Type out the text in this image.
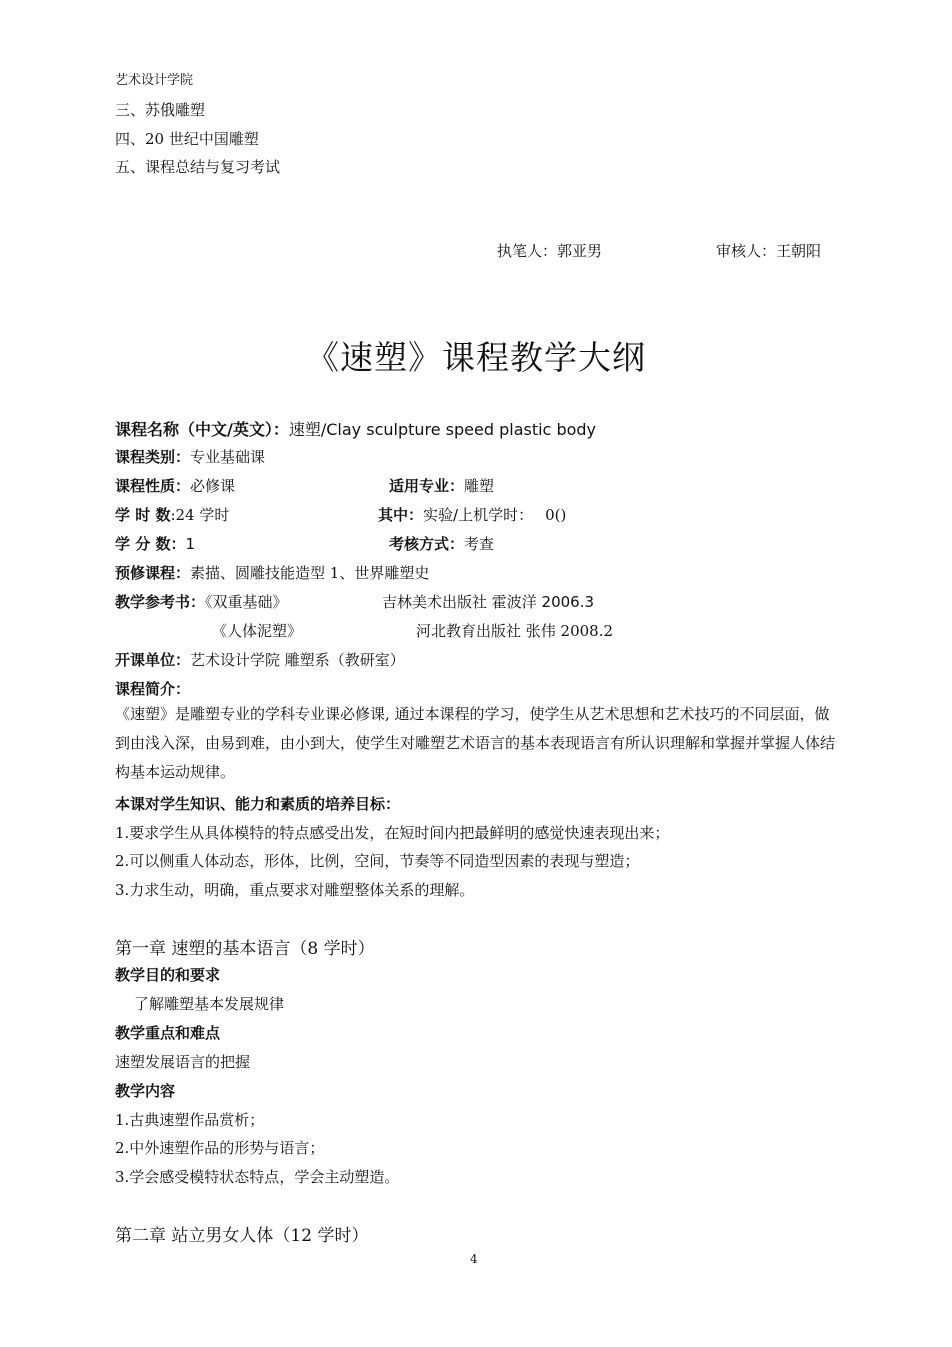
艺术设计学院
三、苏俄雕塑
四、20 世纪中国雕塑
五、课程总结与复习考试
执笔人：郭亚男	审核人：王朝阳
《速塑》课程教学大纲
课程名称（中文/英文）：速塑/Clay sculpture speed plastic body
课程类别：专业基础课
课程性质：必修课	适用专业：雕塑
学 时 数:24 学时	其中：实验/上机学时： 0()
学 分 数：1	考核方式：考查
预修课程：素描、圆雕技能造型 1、世界雕塑史
教学参考书：《双重基础》	吉林美术出版社 霍波洋 2006.3
《人体泥塑》	河北教育出版社 张伟 2008.2
开课单位：艺术设计学院 雕塑系（教研室）
课程简介：
《速塑》是雕塑专业的学科专业课必修课, 通过本课程的学习，使学生从艺术思想和艺术技巧的不同层面，做到由浅入深，由易到难，由小到大，使学生对雕塑艺术语言的基本表现语言有所认识理解和掌握并掌握人体结构基本运动规律。
本课对学生知识、能力和素质的培养目标：
1.要求学生从具体模特的特点感受出发，在短时间内把最鲜明的感觉快速表现出来；
2.可以侧重人体动态，形体，比例，空间，节奏等不同造型因素的表现与塑造；
3.力求生动，明确，重点要求对雕塑整体关系的理解。
第一章 速塑的基本语言（8 学时）
教学目的和要求
了解雕塑基本发展规律
教学重点和难点
速塑发展语言的把握
教学内容
1.古典速塑作品赏析；
2.中外速塑作品的形势与语言；
3.学会感受模特状态特点，学会主动塑造。
第二章 站立男女人体（12 学时）
4
